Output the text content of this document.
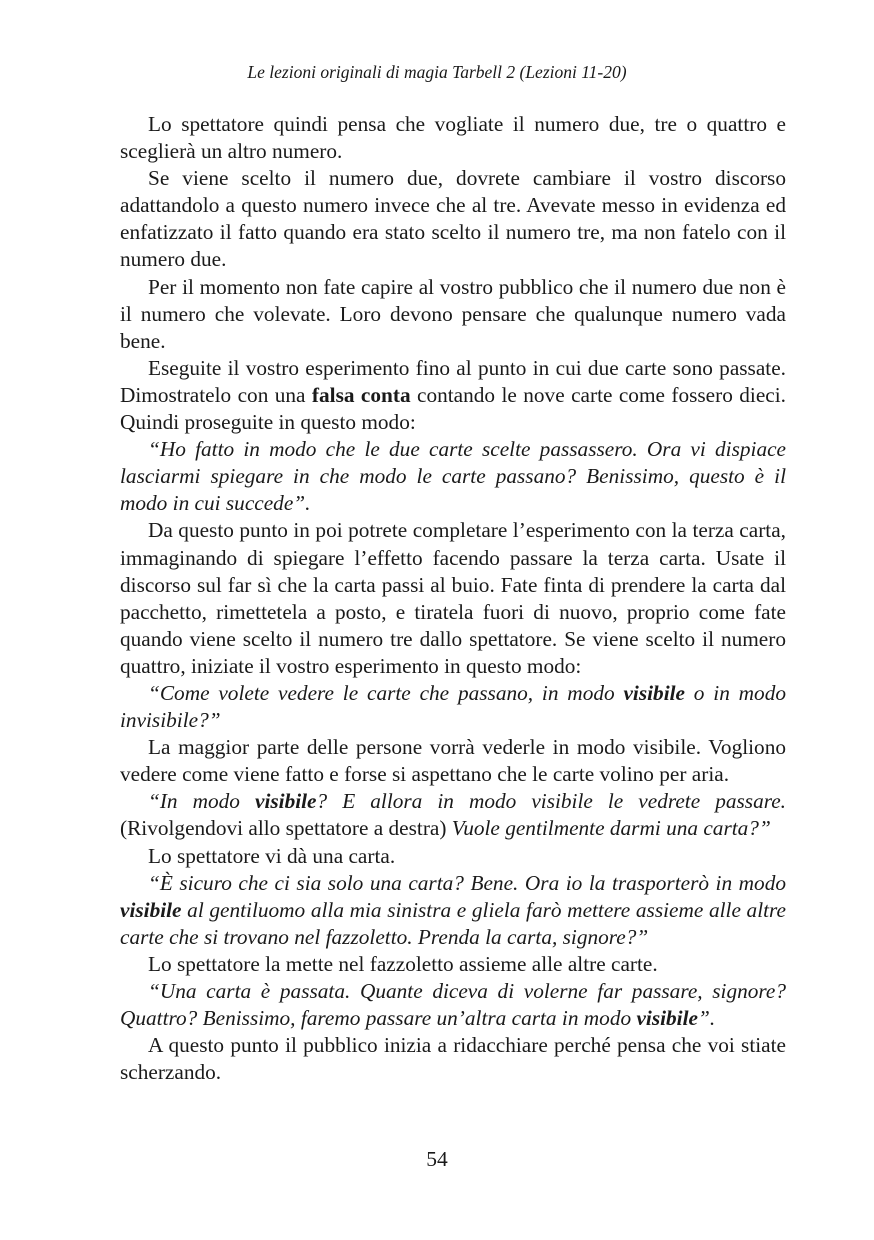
Le lezioni originali di magia Tarbell 2 (Lezioni 11-20)

Lo spettatore quindi pensa che vogliate il numero due, tre o quattro e sceglierà un altro numero.

Se viene scelto il numero due, dovrete cambiare il vostro discorso adattandolo a questo numero invece che al tre. Avevate messo in evidenza ed enfatizzato il fatto quando era stato scelto il numero tre, ma non fatelo con il numero due.

Per il momento non fate capire al vostro pubblico che il numero due non è il numero che volevate. Loro devono pensare che qualunque numero vada bene.

Eseguite il vostro esperimento fino al punto in cui due carte sono passate. Dimostratelo con una falsa conta contando le nove carte come fossero dieci. Quindi proseguite in questo modo:

“Ho fatto in modo che le due carte scelte passassero. Ora vi dispiace lasciarmi spiegare in che modo le carte passano? Benissimo, questo è il modo in cui succede”.

Da questo punto in poi potrete completare l’esperimento con la terza carta, immaginando di spiegare l’effetto facendo passare la terza carta. Usate il discorso sul far sì che la carta passi al buio. Fate finta di prendere la carta dal pacchetto, rimettetela a posto, e tiratela fuori di nuovo, proprio come fate quando viene scelto il numero tre dallo spettatore. Se viene scelto il numero quattro, iniziate il vostro esperimento in questo modo:

“Come volete vedere le carte che passano, in modo visibile o in modo invisibile?”

La maggior parte delle persone vorrà vederle in modo visibile. Vogliono vedere come viene fatto e forse si aspettano che le carte volino per aria.

“In modo visibile? E allora in modo visibile le vedrete passare. (Rivolgendovi allo spettatore a destra) Vuole gentilmente darmi una carta?”

Lo spettatore vi dà una carta.

“È sicuro che ci sia solo una carta? Bene. Ora io la trasporterò in modo visibile al gentiluomo alla mia sinistra e gliela farò mettere assieme alle altre carte che si trovano nel fazzoletto. Prenda la carta, signore?”

Lo spettatore la mette nel fazzoletto assieme alle altre carte.

“Una carta è passata. Quante diceva di volerne far passare, signore? Quattro? Benissimo, faremo passare un’altra carta in modo visibile”.

A questo punto il pubblico inizia a ridacchiare perché pensa che voi stiate scherzando.

54
